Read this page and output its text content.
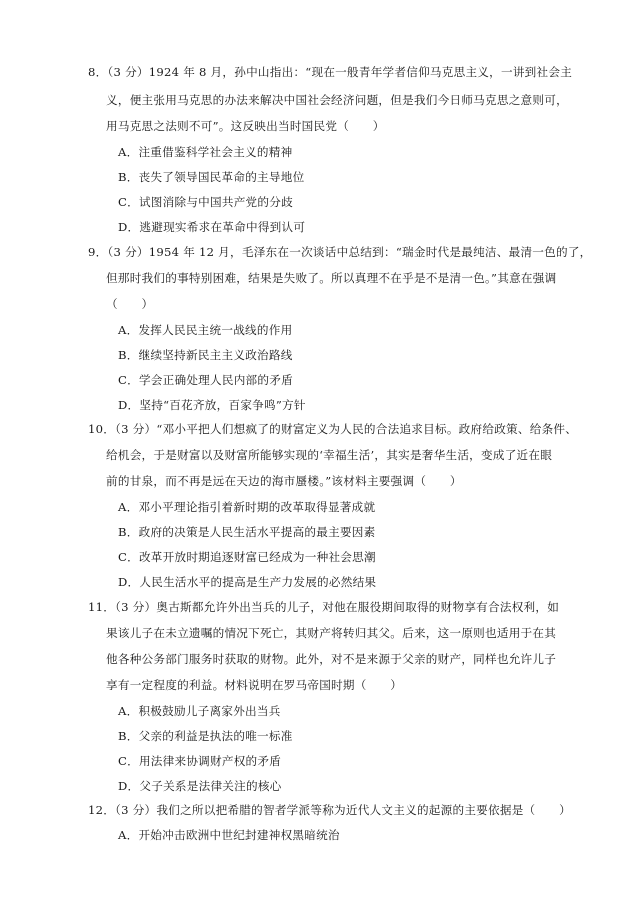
8．（3 分）1924 年 8 月，孙中山指出：“现在一般青年学者信仰马克思主义，一讲到社会主
义，便主张用马克思的办法来解决中国社会经济问题，但是我们今日师马克思之意则可，
用马克思之法则不可”。这反映出当时国民党（　　）
A．注重借鉴科学社会主义的精神
B．丧失了领导国民革命的主导地位
C．试图消除与中国共产党的分歧
D．逃避现实希求在革命中得到认可
9．（3 分）1954 年 12 月，毛泽东在一次谈话中总结到：“瑞金时代是最纯洁、最清一色的了，
但那时我们的事特别困难，结果是失败了。所以真理不在乎是不是清一色。”其意在强调
（　　）
A．发挥人民民主统一战线的作用
B．继续坚持新民主主义政治路线
C．学会正确处理人民内部的矛盾
D．坚持“百花齐放，百家争鸣”方针
10．（3 分）“邓小平把人们想疯了的财富定义为人民的合法追求目标。政府给政策、给条件、
给机会，于是财富以及财富所能够实现的‘幸福生活’，其实是奢华生活，变成了近在眼
前的甘泉，而不再是远在天边的海市蜃楼。”该材料主要强调（　　）
A．邓小平理论指引着新时期的改革取得显著成就
B．政府的决策是人民生活水平提高的最主要因素
C．改革开放时期追逐财富已经成为一种社会思潮
D．人民生活水平的提高是生产力发展的必然结果
11．（3 分）奥古斯都允许外出当兵的儿子，对他在服役期间取得的财物享有合法权利，如
果该儿子在未立遗嘱的情况下死亡，其财产将转归其父。后来，这一原则也适用于在其
他各种公务部门服务时获取的财物。此外，对不是来源于父亲的财产，同样也允许儿子
享有一定程度的利益。材料说明在罗马帝国时期（　　）
A．积极鼓励儿子离家外出当兵
B．父亲的利益是执法的唯一标准
C．用法律来协调财产权的矛盾
D．父子关系是法律关注的核心
12．（3 分）我们之所以把希腊的智者学派等称为近代人文主义的起源的主要依据是（　　）
A．开始冲击欧洲中世纪封建神权黑暗统治
